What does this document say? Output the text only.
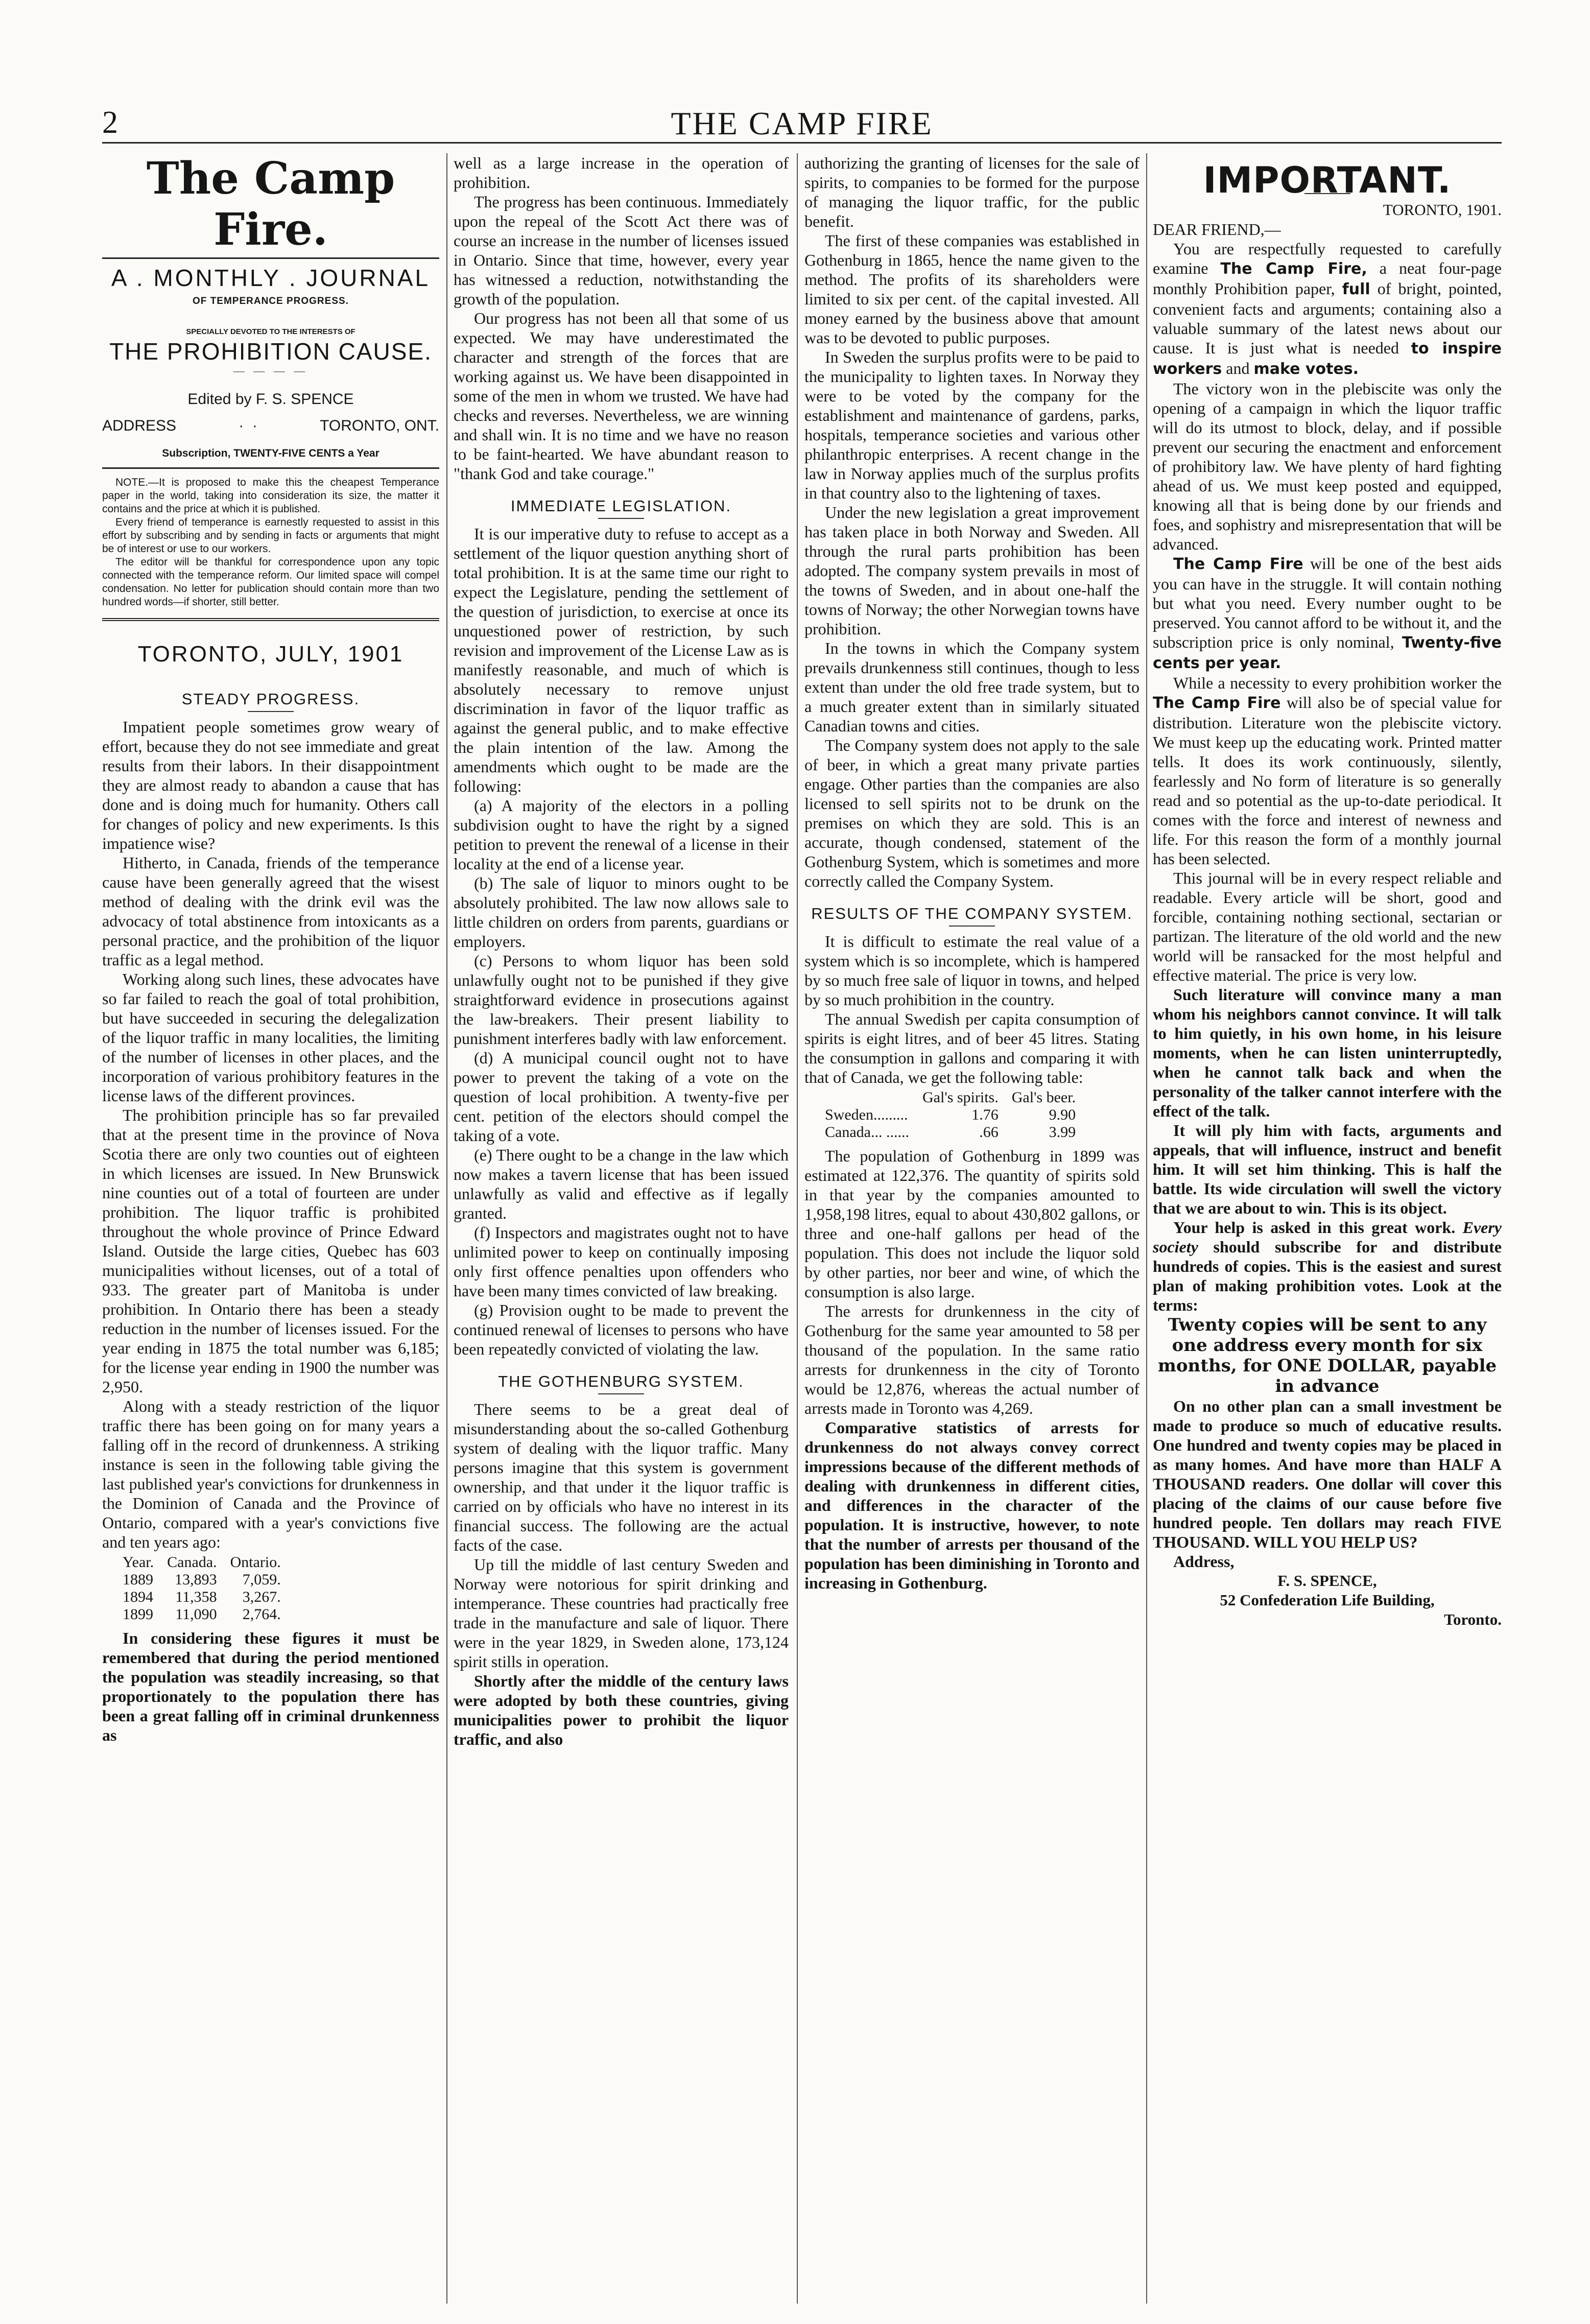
2	THE CAMP FIRE
The Camp Fire.
A . MONTHLY . JOURNAL
OF TEMPERANCE PROGRESS.
SPECIALLY DEVOTED TO THE INTERESTS OF
THE PROHIBITION CAUSE.
— — — —
Edited by F. S. SPENCE
ADDRESS	·  ·	TORONTO, ONT.
Subscription, TWENTY-FIVE CENTS a Year

NOTE.—It is proposed to make this the cheapest Temperance paper in the world, taking into consideration its size, the matter it contains and the price at which it is published.

Every friend of temperance is earnestly requested to assist in this effort by subscribing and by sending in facts or arguments that might be of interest or use to our workers.

The editor will be thankful for correspondence upon any topic connected with the temperance reform. Our limited space will compel condensation. No letter for publication should contain more than two hundred words—if shorter, still better.

TORONTO, JULY, 1901
STEADY PROGRESS.

Impatient people sometimes grow weary of effort, because they do not see immediate and great results from their labors. In their disappointment they are almost ready to abandon a cause that has done and is doing much for humanity. Others call for changes of policy and new experiments. Is this impatience wise?

Hitherto, in Canada, friends of the temperance cause have been generally agreed that the wisest method of dealing with the drink evil was the advocacy of total abstinence from intoxicants as a personal practice, and the prohibition of the liquor traffic as a legal method.

Working along such lines, these advocates have so far failed to reach the goal of total prohibition, but have succeeded in securing the delegalization of the liquor traffic in many localities, the limiting of the number of licenses in other places, and the incorporation of various prohibitory features in the license laws of the different provinces.

The prohibition principle has so far prevailed that at the present time in the province of Nova Scotia there are only two counties out of eighteen in which licenses are issued. In New Brunswick nine counties out of a total of fourteen are under prohibition. The liquor traffic is prohibited throughout the whole province of Prince Edward Island. Outside the large cities, Quebec has 603 municipalities without licenses, out of a total of 933. The greater part of Manitoba is under prohibition. In Ontario there has been a steady reduction in the number of licenses issued. For the year ending in 1875 the total number was 6,185; for the license year ending in 1900 the number was 2,950.

Along with a steady restriction of the liquor traffic there has been going on for many years a falling off in the record of drunkenness. A striking instance is seen in the following table giving the last published year's convictions for drunkenness in the Dominion of Canada and the Province of Ontario, compared with a year's convictions five and ten years ago:

Year.	Canada.	Ontario.
1889	13,893	7,059.
1894	11,358	3,267.
1899	11,090	2,764.

In considering these figures it must be remembered that during the period mentioned the population was steadily increasing, so that proportionately to the population there has been a great falling off in criminal drunkenness as

well as a large increase in the operation of prohibition.

The progress has been continuous. Immediately upon the repeal of the Scott Act there was of course an increase in the number of licenses issued in Ontario. Since that time, however, every year has witnessed a reduction, notwithstanding the growth of the population.

Our progress has not been all that some of us expected. We may have underestimated the character and strength of the forces that are working against us. We have been disappointed in some of the men in whom we trusted. We have had checks and reverses. Nevertheless, we are winning and shall win. It is no time and we have no reason to be faint-hearted. We have abundant reason to "thank God and take courage."

IMMEDIATE LEGISLATION.

It is our imperative duty to refuse to accept as a settlement of the liquor question anything short of total prohibition. It is at the same time our right to expect the Legislature, pending the settlement of the question of jurisdiction, to exercise at once its unquestioned power of restriction, by such revision and improvement of the License Law as is manifestly reasonable, and much of which is absolutely necessary to remove unjust discrimination in favor of the liquor traffic as against the general public, and to make effective the plain intention of the law. Among the amendments which ought to be made are the following:

(a) A majority of the electors in a polling subdivision ought to have the right by a signed petition to prevent the renewal of a license in their locality at the end of a license year.

(b) The sale of liquor to minors ought to be absolutely prohibited. The law now allows sale to little children on orders from parents, guardians or employers.

(c) Persons to whom liquor has been sold unlawfully ought not to be punished if they give straightforward evidence in prosecutions against the law-breakers. Their present liability to punishment interferes badly with law enforcement.

(d) A municipal council ought not to have power to prevent the taking of a vote on the question of local prohibition. A twenty-five per cent. petition of the electors should compel the taking of a vote.

(e) There ought to be a change in the law which now makes a tavern license that has been issued unlawfully as valid and effective as if legally granted.

(f) Inspectors and magistrates ought not to have unlimited power to keep on continually imposing only first offence penalties upon offenders who have been many times convicted of law breaking.

(g) Provision ought to be made to prevent the continued renewal of licenses to persons who have been repeatedly convicted of violating the law.

THE GOTHENBURG SYSTEM.

There seems to be a great deal of misunderstanding about the so-called Gothenburg system of dealing with the liquor traffic. Many persons imagine that this system is government ownership, and that under it the liquor traffic is carried on by officials who have no interest in its financial success. The following are the actual facts of the case.

Up till the middle of last century Sweden and Norway were notorious for spirit drinking and intemperance. These countries had practically free trade in the manufacture and sale of liquor. There were in the year 1829, in Sweden alone, 173,124 spirit stills in operation.

Shortly after the middle of the century laws were adopted by both these countries, giving municipalities power to prohibit the liquor traffic, and also

authorizing the granting of licenses for the sale of spirits, to companies to be formed for the purpose of managing the liquor traffic, for the public benefit.

The first of these companies was established in Gothenburg in 1865, hence the name given to the method. The profits of its shareholders were limited to six per cent. of the capital invested. All money earned by the business above that amount was to be devoted to public purposes.

In Sweden the surplus profits were to be paid to the municipality to lighten taxes. In Norway they were to be voted by the company for the establishment and maintenance of gardens, parks, hospitals, temperance societies and various other philanthropic enterprises. A recent change in the law in Norway applies much of the surplus profits in that country also to the lightening of taxes.

Under the new legislation a great improvement has taken place in both Norway and Sweden. All through the rural parts prohibition has been adopted. The company system prevails in most of the towns of Sweden, and in about one-half the towns of Norway; the other Norwegian towns have prohibition.

In the towns in which the Company system prevails drunkenness still continues, though to less extent than under the old free trade system, but to a much greater extent than in similarly situated Canadian towns and cities.

The Company system does not apply to the sale of beer, in which a great many private parties engage. Other parties than the companies are also licensed to sell spirits not to be drunk on the premises on which they are sold. This is an accurate, though condensed, statement of the Gothenburg System, which is sometimes and more correctly called the Company System.

RESULTS OF THE COMPANY SYSTEM.

It is difficult to estimate the real value of a system which is so incomplete, which is hampered by so much free sale of liquor in towns, and helped by so much prohibition in the country.

The annual Swedish per capita consumption of spirits is eight litres, and of beer 45 litres. Stating the consumption in gallons and comparing it with that of Canada, we get the following table:

	Gal's spirits.	Gal's beer.
Sweden.........	1.76	9.90
Canada... ......	.66	3.99

The population of Gothenburg in 1899 was estimated at 122,376. The quantity of spirits sold in that year by the companies amounted to 1,958,198 litres, equal to about 430,802 gallons, or three and one-half gallons per head of the population. This does not include the liquor sold by other parties, nor beer and wine, of which the consumption is also large.

The arrests for drunkenness in the city of Gothenburg for the same year amounted to 58 per thousand of the population. In the same ratio arrests for drunkenness in the city of Toronto would be 12,876, whereas the actual number of arrests made in Toronto was 4,269.

Comparative statistics of arrests for drunkenness do not always convey correct impressions because of the different methods of dealing with drunkenness in different cities, and differences in the character of the population. It is instructive, however, to note that the number of arrests per thousand of the population has been diminishing in Toronto and increasing in Gothenburg.

IMPORTANT.
TORONTO, 1901.

DEAR FRIEND,—

You are respectfully requested to carefully examine The Camp Fire, a neat four-page monthly Prohibition paper, full of bright, pointed, convenient facts and arguments; containing also a valuable summary of the latest news about our cause. It is just what is needed to inspire workers and make votes.

The victory won in the plebiscite was only the opening of a campaign in which the liquor traffic will do its utmost to block, delay, and if possible prevent our securing the enactment and enforcement of prohibitory law. We have plenty of hard fighting ahead of us. We must keep posted and equipped, knowing all that is being done by our friends and foes, and sophistry and misrepresentation that will be advanced.

The Camp Fire will be one of the best aids you can have in the struggle. It will contain nothing but what you need. Every number ought to be preserved. You cannot afford to be without it, and the subscription price is only nominal, Twenty-five cents per year.

While a necessity to every prohibition worker the The Camp Fire will also be of special value for distribution. Literature won the plebiscite victory. We must keep up the educating work. Printed matter tells. It does its work continuously, silently, fearlessly and No form of literature is so generally read and so potential as the up-to-date periodical. It comes with the force and interest of newness and life. For this reason the form of a monthly journal has been selected.

This journal will be in every respect reliable and readable. Every article will be short, good and forcible, containing nothing sectional, sectarian or partizan. The literature of the old world and the new world will be ransacked for the most helpful and effective material. The price is very low.

Such literature will convince many a man whom his neighbors cannot convince. It will talk to him quietly, in his own home, in his leisure moments, when he can listen uninterruptedly, when he cannot talk back and when the personality of the talker cannot interfere with the effect of the talk.

It will ply him with facts, arguments and appeals, that will influence, instruct and benefit him. It will set him thinking. This is half the battle. Its wide circulation will swell the victory that we are about to win. This is its object.

Your help is asked in this great work. Every society should subscribe for and distribute hundreds of copies. This is the easiest and surest plan of making prohibition votes. Look at the terms:

Twenty copies will be sent to any one address every month for six months, for ONE DOLLAR, payable in advance

On no other plan can a small investment be made to produce so much of educative results. One hundred and twenty copies may be placed in as many homes. And have more than HALF A THOUSAND readers. One dollar will cover this placing of the claims of our cause before five hundred people. Ten dollars may reach FIVE THOUSAND. WILL YOU HELP US?

Address,

F. S. SPENCE,
52 Confederation Life Building,
Toronto.
